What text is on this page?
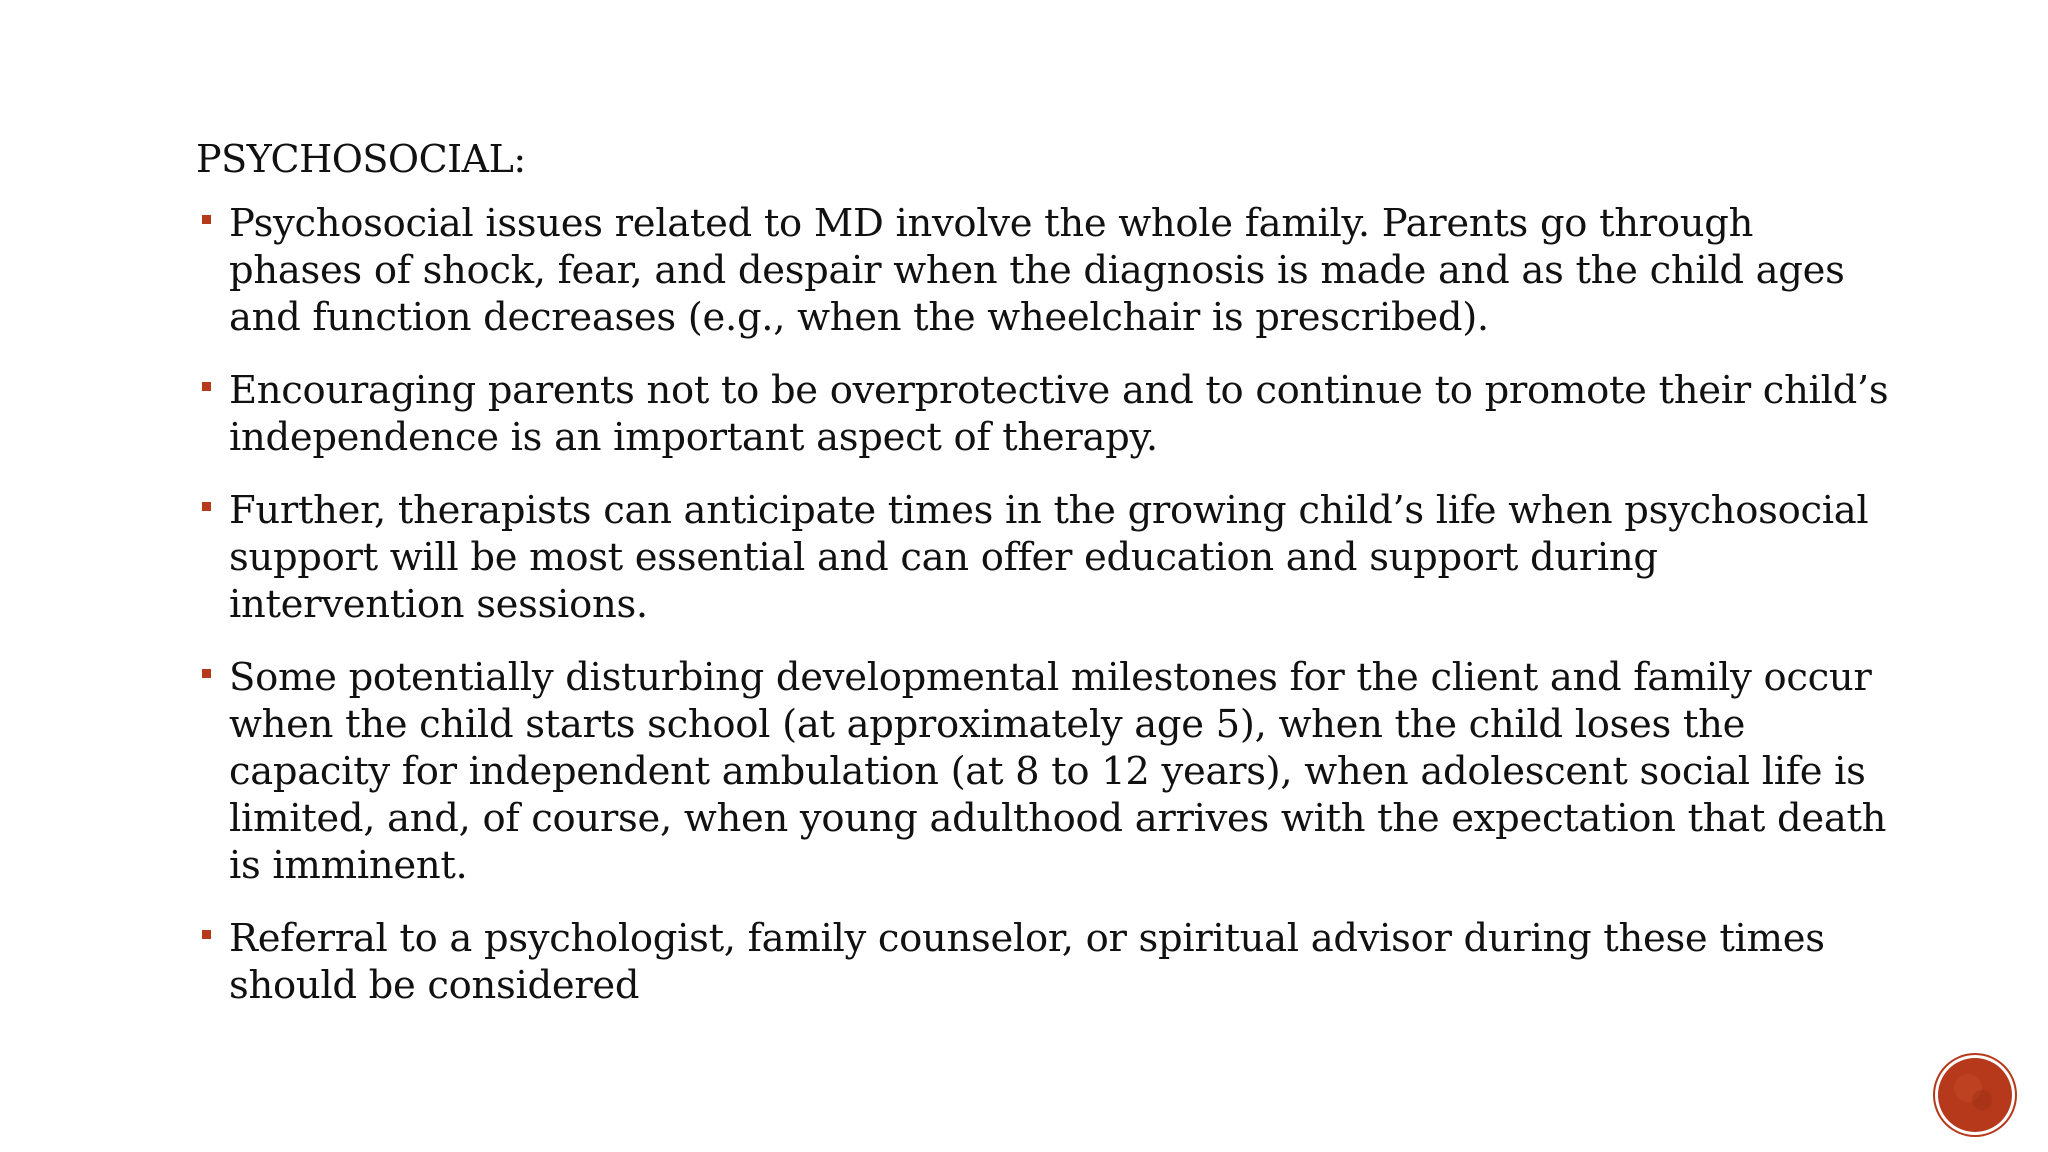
PSYCHOSOCIAL:
Psychosocial issues related to MD involve the whole family. Parents go through phases of shock, fear, and despair when the diagnosis is made and as the child ages and function decreases (e.g., when the wheelchair is prescribed).
Encouraging parents not to be overprotective and to continue to promote their child’s independence is an important aspect of therapy.
Further, therapists can anticipate times in the growing child’s life when psychosocial support will be most essential and can offer education and support during intervention sessions.
Some potentially disturbing developmental milestones for the client and family occur when the child starts school (at approximately age 5), when the child loses the capacity for independent ambulation (at 8 to 12 years), when adolescent social life is limited, and, of course, when young adulthood arrives with the expectation that death is imminent.
Referral to a psychologist, family counselor, or spiritual advisor during these times should be considered
